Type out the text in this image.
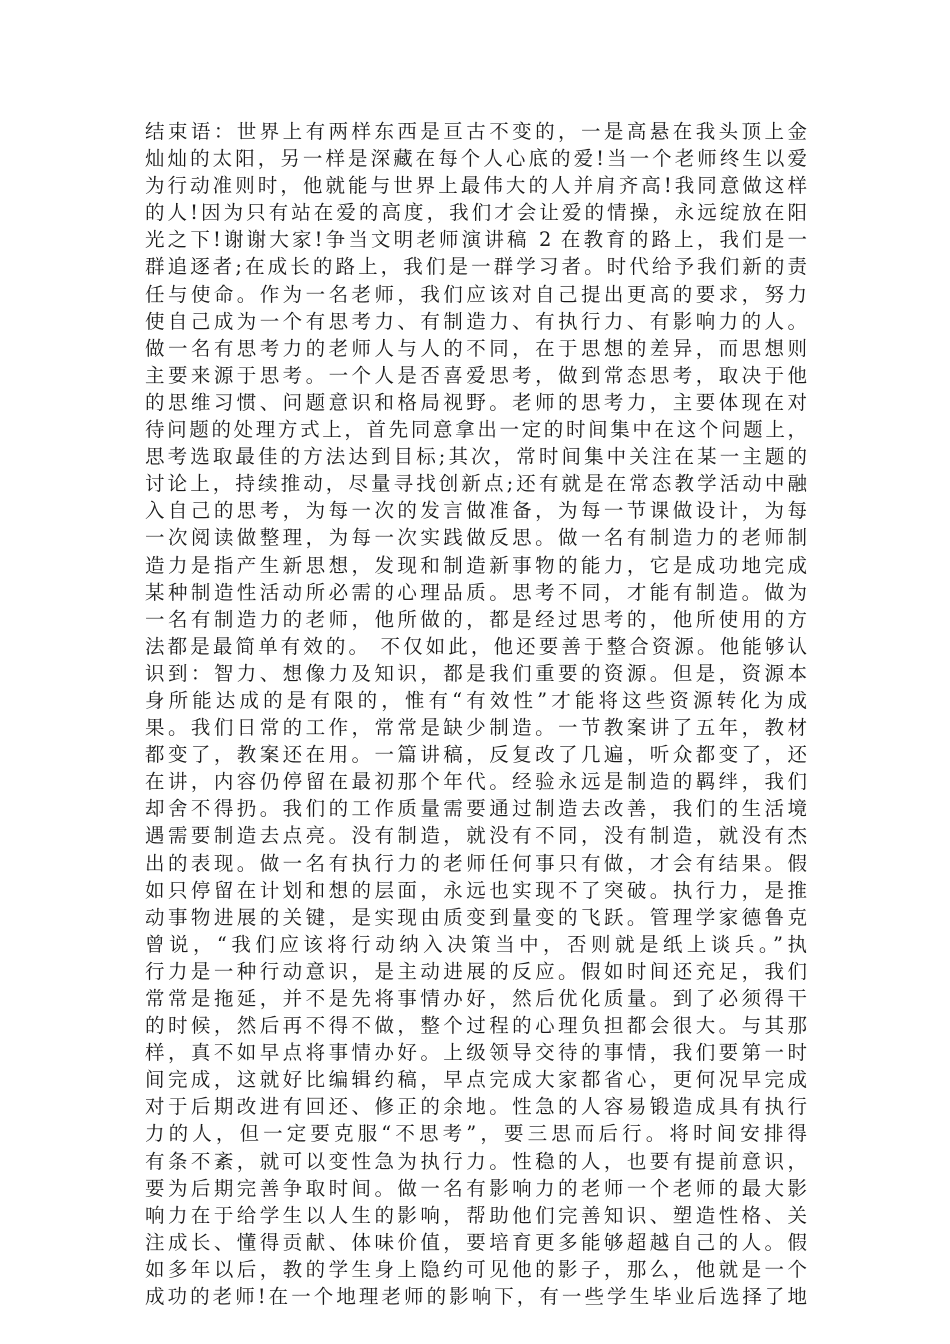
结束语：世界上有两样东西是亘古不变的，一是高悬在我头顶上金
灿灿的太阳，另一样是深藏在每个人心底的爱!当一个老师终生以爱
为行动准则时，他就能与世界上最伟大的人并肩齐高!我同意做这样
的人!因为只有站在爱的高度，我们才会让爱的情操，永远绽放在阳
光之下!谢谢大家!争当文明老师演讲稿 2 在教育的路上，我们是一
群追逐者;在成长的路上，我们是一群学习者。时代给予我们新的责
任与使命。作为一名老师，我们应该对自己提出更高的要求，努力
使自己成为一个有思考力、有制造力、有执行力、有影响力的人。
做一名有思考力的老师人与人的不同，在于思想的差异，而思想则
主要来源于思考。一个人是否喜爱思考，做到常态思考，取决于他
的思维习惯、问题意识和格局视野。老师的思考力，主要体现在对
待问题的处理方式上，首先同意拿出一定的时间集中在这个问题上，
思考选取最佳的方法达到目标;其次，常时间集中关注在某一主题的
讨论上，持续推动，尽量寻找创新点;还有就是在常态教学活动中融
入自己的思考，为每一次的发言做准备，为每一节课做设计，为每
一次阅读做整理，为每一次实践做反思。做一名有制造力的老师制
造力是指产生新思想，发现和制造新事物的能力，它是成功地完成
某种制造性活动所必需的心理品质。思考不同，才能有制造。做为
一名有制造力的老师，他所做的，都是经过思考的，他所使用的方
法都是最简单有效的。 不仅如此，他还要善于整合资源。他能够认
识到：智力、想像力及知识，都是我们重要的资源。但是，资源本
身所能达成的是有限的，惟有“有效性”才能将这些资源转化为成
果。我们日常的工作，常常是缺少制造。一节教案讲了五年，教材
都变了，教案还在用。一篇讲稿，反复改了几遍，听众都变了，还
在讲，内容仍停留在最初那个年代。经验永远是制造的羁绊，我们
却舍不得扔。我们的工作质量需要通过制造去改善，我们的生活境
遇需要制造去点亮。没有制造，就没有不同，没有制造，就没有杰
出的表现。做一名有执行力的老师任何事只有做，才会有结果。假
如只停留在计划和想的层面，永远也实现不了突破。执行力，是推
动事物进展的关键，是实现由质变到量变的飞跃。管理学家德鲁克
曾说，“我们应该将行动纳入决策当中，否则就是纸上谈兵。”执
行力是一种行动意识，是主动进展的反应。假如时间还充足，我们
常常是拖延，并不是先将事情办好，然后优化质量。到了必须得干
的时候，然后再不得不做，整个过程的心理负担都会很大。与其那
样，真不如早点将事情办好。上级领导交待的事情，我们要第一时
间完成，这就好比编辑约稿，早点完成大家都省心，更何况早完成
对于后期改进有回还、修正的余地。性急的人容易锻造成具有执行
力的人，但一定要克服“不思考”，要三思而后行。将时间安排得
有条不紊，就可以变性急为执行力。性稳的人，也要有提前意识，
要为后期完善争取时间。做一名有影响力的老师一个老师的最大影
响力在于给学生以人生的影响，帮助他们完善知识、塑造性格、关
注成长、懂得贡献、体味价值，要培育更多能够超越自己的人。假
如多年以后，教的学生身上隐约可见他的影子，那么，他就是一个
成功的老师!在一个地理老师的影响下，有一些学生毕业后选择了地
